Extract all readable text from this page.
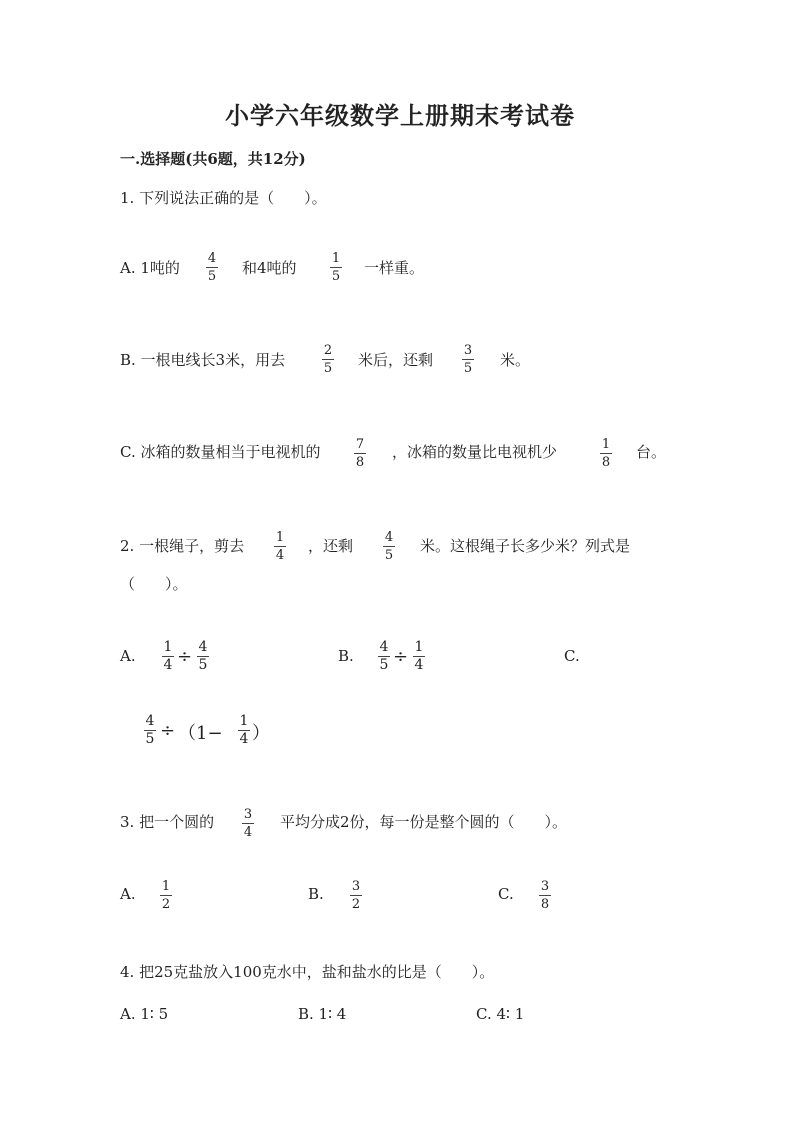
小学六年级数学上册期末考试卷
一.选择题(共6题，共12分)
1. 下列说法正确的是（　　）。
A. 1吨的
4
5 和4吨的
1
5 一样重。
B. 一根电线长3米，用去
2
5 米后，还剩
3
5 米。
C. 冰箱的数量相当于电视机的	7
8
，冰箱的数量比电视机少	1
8
台。
2. 一根绳子，剪去 1
4
，还剩 4
5
米。这根绳子长多少米？列式是
（　　）。
A. 1
4 ÷ 4
5	B. 4
5 ÷ 1
4	C.
4
5 ÷ （1−
1
4 ）
3. 把一个圆的 3
4
平均分成2份，每一份是整个圆的（　　）。
A. 1
2
B. 3
2
C. 3
8
4. 把25克盐放入100克水中，盐和盐水的比是（　　）。
A. 1∶ 5	B. 1∶ 4	C. 4∶ 1
